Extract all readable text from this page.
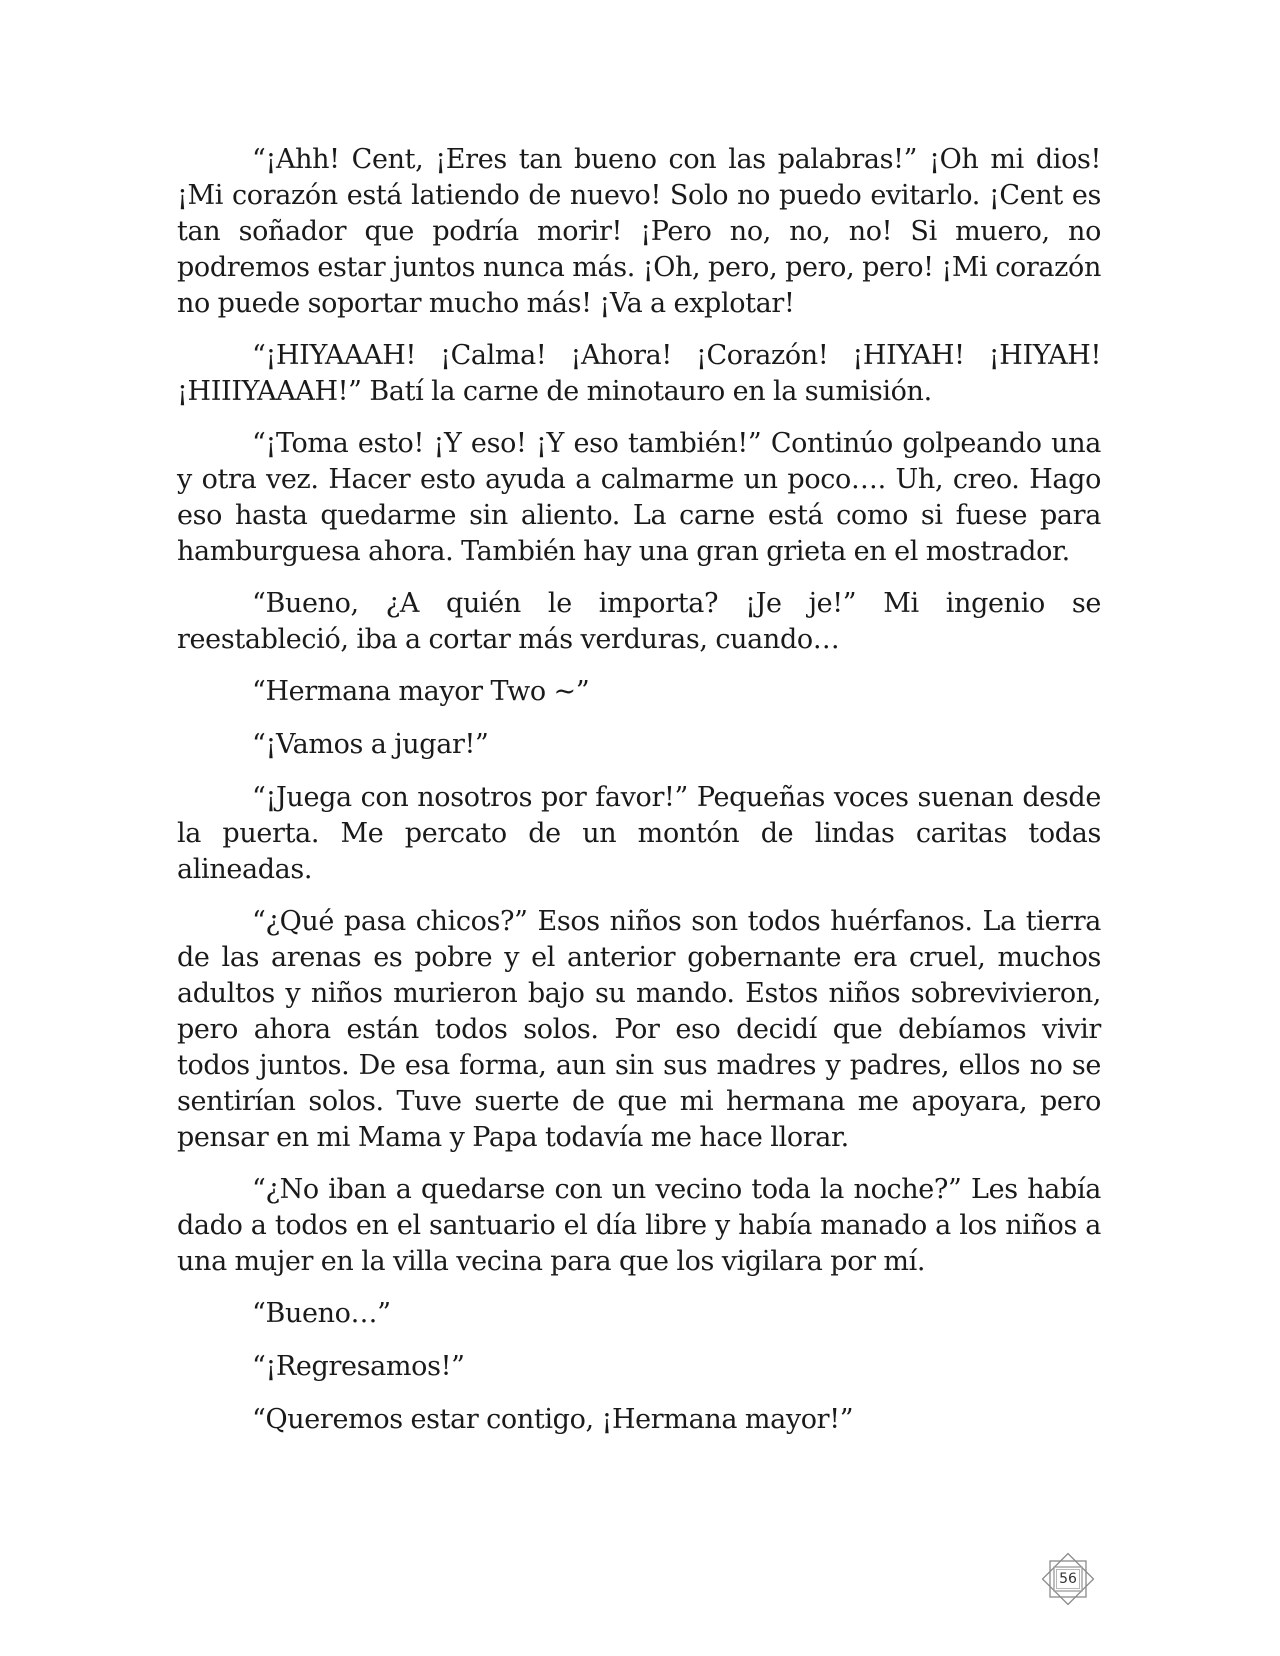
“¡Ahh! Cent, ¡Eres tan bueno con las palabras!” ¡Oh mi dios! ¡Mi corazón está latiendo de nuevo! Solo no puedo evitarlo. ¡Cent es tan soñador que podría morir! ¡Pero no, no, no! Si muero, no podremos estar juntos nunca más. ¡Oh, pero, pero, pero! ¡Mi corazón no puede soportar mucho más! ¡Va a explotar!

“¡HIYAAAH! ¡Calma! ¡Ahora! ¡Corazón! ¡HIYAH! ¡HIYAH! ¡HIIIYAAAH!” Batí la carne de minotauro en la sumisión.

“¡Toma esto! ¡Y eso! ¡Y eso también!” Continúo golpeando una y otra vez. Hacer esto ayuda a calmarme un poco…. Uh, creo. Hago eso hasta quedarme sin aliento. La carne está como si fuese para hamburguesa ahora. También hay una gran grieta en el mostrador.

“Bueno, ¿A quién le importa? ¡Je je!” Mi ingenio se reestableció, iba a cortar más verduras, cuando…

“Hermana mayor Two ~”

“¡Vamos a jugar!”

“¡Juega con nosotros por favor!” Pequeñas voces suenan desde la puerta. Me percato de un montón de lindas caritas todas alineadas.

“¿Qué pasa chicos?” Esos niños son todos huérfanos. La tierra de las arenas es pobre y el anterior gobernante era cruel, muchos adultos y niños murieron bajo su mando. Estos niños sobrevivieron, pero ahora están todos solos. Por eso decidí que debíamos vivir todos juntos. De esa forma, aun sin sus madres y padres, ellos no se sentirían solos. Tuve suerte de que mi hermana me apoyara, pero pensar en mi Mama y Papa todavía me hace llorar.

“¿No iban a quedarse con un vecino toda la noche?” Les había dado a todos en el santuario el día libre y había manado a los niños a una mujer en la villa vecina para que los vigilara por mí.

“Bueno…”

“¡Regresamos!”

“Queremos estar contigo, ¡Hermana mayor!”

56
